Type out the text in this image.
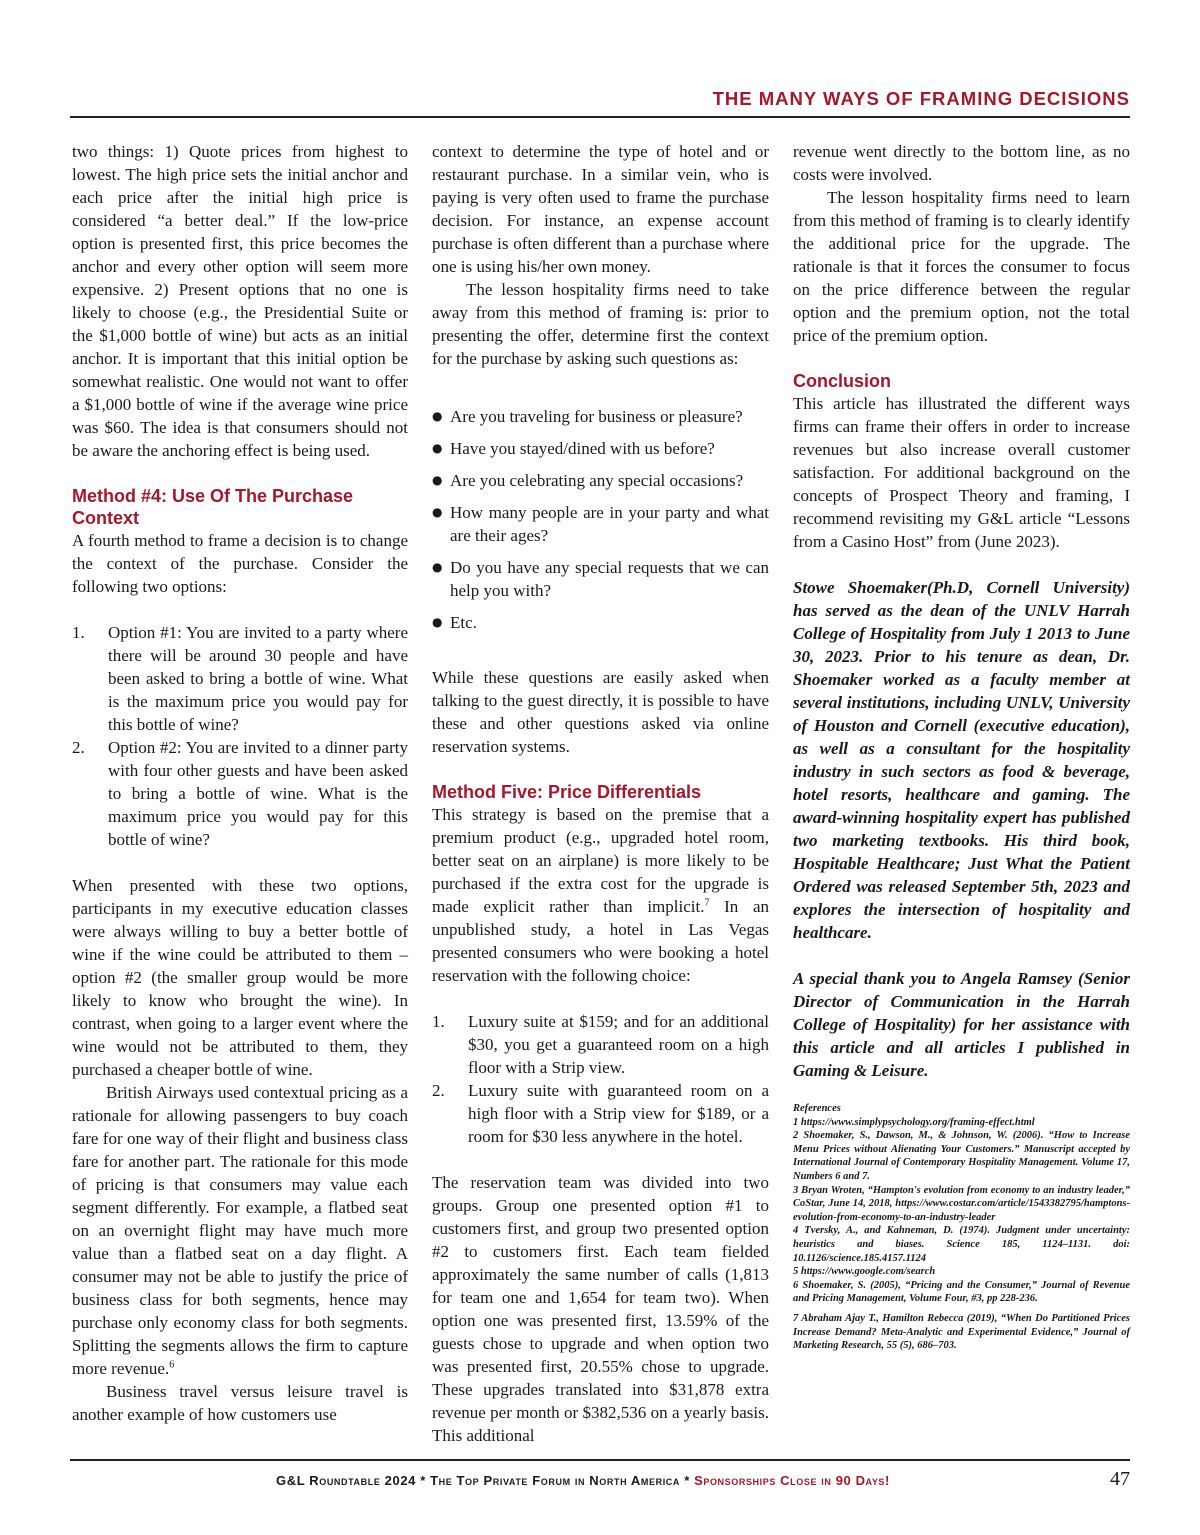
THE MANY WAYS OF FRAMING DECISIONS

two things: 1) Quote prices from highest to lowest. The high price sets the initial anchor and each price after the initial high price is considered “a better deal.” If the low-price option is presented first, this price becomes the anchor and every other option will seem more expensive. 2) Present options that no one is likely to choose (e.g., the Presidential Suite or the $1,000 bottle of wine) but acts as an initial anchor. It is important that this initial option be somewhat realistic. One would not want to offer a $1,000 bottle of wine if the average wine price was $60. The idea is that consumers should not be aware the anchoring effect is being used.

Method #4: Use Of The Purchase Context

A fourth method to frame a decision is to change the context of the purchase. Consider the following two options:

1.	Option #1: You are invited to a party where there will be around 30 people and have been asked to bring a bottle of wine. What is the maximum price you would pay for this bottle of wine?
2.	Option #2: You are invited to a dinner party with four other guests and have been asked to bring a bottle of wine. What is the maximum price you would pay for this bottle of wine?

When presented with these two options, participants in my executive education classes were always willing to buy a better bottle of wine if the wine could be attributed to them – option #2 (the smaller group would be more likely to know who brought the wine). In contrast, when going to a larger event where the wine would not be attributed to them, they purchased a cheaper bottle of wine.

British Airways used contextual pricing as a rationale for allowing passengers to buy coach fare for one way of their flight and business class fare for another part. The rationale for this mode of pricing is that consumers may value each segment differently. For example, a flatbed seat on an overnight flight may have much more value than a flatbed seat on a day flight. A consumer may not be able to justify the price of business class for both segments, hence may purchase only economy class for both segments. Splitting the segments allows the firm to capture more revenue.$^6$

Business travel versus leisure travel is another example of how customers use

context to determine the type of hotel and or restaurant purchase. In a similar vein, who is paying is very often used to frame the purchase decision. For instance, an expense account purchase is often different than a purchase where one is using his/her own money.

The lesson hospitality firms need to take away from this method of framing is: prior to presenting the offer, determine first the context for the purchase by asking such questions as:

● Are you traveling for business or pleasure?
● Have you stayed/dined with us before?
● Are you celebrating any special occasions?
● How many people are in your party and what are their ages?
● Do you have any special requests that we can help you with?
● Etc.

While these questions are easily asked when talking to the guest directly, it is possible to have these and other questions asked via online reservation systems.

Method Five: Price Differentials

This strategy is based on the premise that a premium product (e.g., upgraded hotel room, better seat on an airplane) is more likely to be purchased if the extra cost for the upgrade is made explicit rather than implicit.$^7$ In an unpublished study, a hotel in Las Vegas presented consumers who were booking a hotel reservation with the following choice:

1.	Luxury suite at $159; and for an additional $30, you get a guaranteed room on a high floor with a Strip view.
2.	Luxury suite with guaranteed room on a high floor with a Strip view for $189, or a room for $30 less anywhere in the hotel.

The reservation team was divided into two groups. Group one presented option #1 to customers first, and group two presented option #2 to customers first. Each team fielded approximately the same number of calls (1,813 for team one and 1,654 for team two). When option one was presented first, 13.59% of the guests chose to upgrade and when option two was presented first, 20.55% chose to upgrade. These upgrades translated into $31,878 extra revenue per month or $382,536 on a yearly basis. This additional

revenue went directly to the bottom line, as no costs were involved.

The lesson hospitality firms need to learn from this method of framing is to clearly identify the additional price for the upgrade. The rationale is that it forces the consumer to focus on the price difference between the regular option and the premium option, not the total price of the premium option.

Conclusion

This article has illustrated the different ways firms can frame their offers in order to increase revenues but also increase overall customer satisfaction. For additional background on the concepts of Prospect Theory and framing, I recommend revisiting my G&L article “Lessons from a Casino Host” from (June 2023).

Stowe Shoemaker(Ph.D, Cornell University) has served as the dean of the UNLV Harrah College of Hospitality from July 1 2013 to June 30, 2023. Prior to his tenure as dean, Dr. Shoemaker worked as a faculty member at several institutions, including UNLV, University of Houston and Cornell (executive education), as well as a consultant for the hospitality industry in such sectors as food & beverage, hotel resorts, healthcare and gaming. The award-winning hospitality expert has published two marketing textbooks. His third book, Hospitable Healthcare; Just What the Patient Ordered was released September 5th, 2023 and explores the intersection of hospitality and healthcare.

A special thank you to Angela Ramsey (Senior Director of Communication in the Harrah College of Hospitality) for her assistance with this article and all articles I published in Gaming & Leisure.

References

1 https://www.simplypsychology.org/framing-effect.html

2 Shoemaker, S., Dawson, M., & Johnson, W. (2006). “How to Increase Menu Prices without Alienating Your Customers.” Manuscript accepted by International Journal of Contemporary Hospitality Management. Volume 17, Numbers 6 and 7.

3 Bryan Wroten, “Hampton's evolution from economy to an industry leader,” CoStar, June 14, 2018, https://www.costar.com/article/1543382795/hamptons-evolution-from-economy-to-an-industry-leader

4 Tversky, A., and Kahneman, D. (1974). Judgment under uncertainty: heuristics and biases. Science 185, 1124–1131. doi: 10.1126/science.185.4157.1124

5 https://www.google.com/search

6 Shoemaker, S. (2005), “Pricing and the Consumer,” Journal of Revenue and Pricing Management, Volume Four, #3, pp 228-236.

7 Abraham Ajay T., Hamilton Rebecca (2019), “When Do Partitioned Prices Increase Demand? Meta-Analytic and Experimental Evidence,” Journal of Marketing Research, 55 (5), 686–703.

G&L Roundtable 2024 * The Top Private Forum in North America * Sponsorships Close in 90 Days!	47
